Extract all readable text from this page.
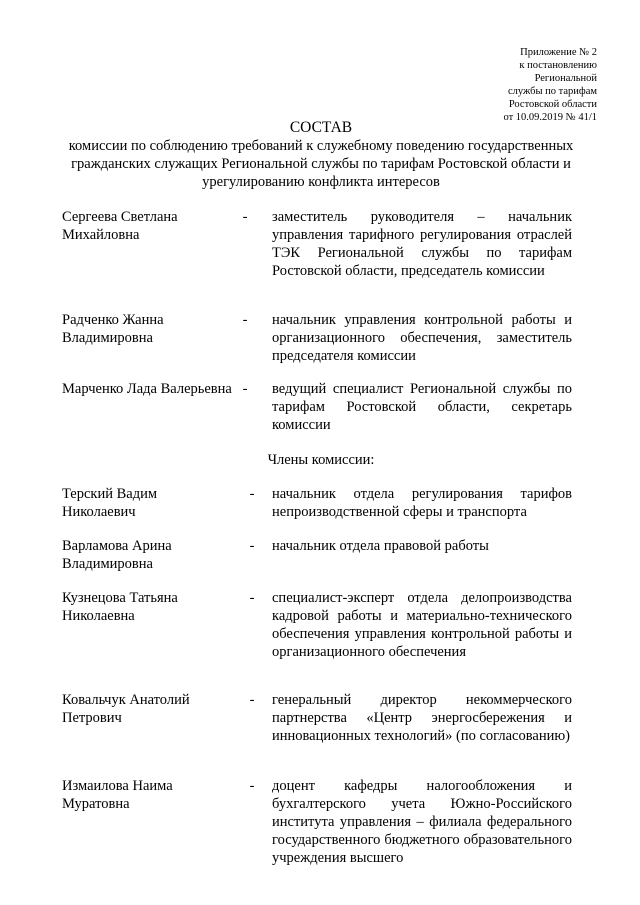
Приложение № 2
к постановлению
Региональной
службы по тарифам
Ростовской области
от 10.09.2019 № 41/1
СОСТАВ
комиссии по соблюдению требований к служебному поведению государственных гражданских служащих Региональной службы по тарифам Ростовской области и урегулированию конфликта интересов
Сергеева Светлана Михайловна
- заместитель руководителя – начальник управления тарифного регулирования отраслей ТЭК Региональной службы по тарифам Ростовской области, председатель комиссии
Радченко Жанна Владимировна
- начальник управления контрольной работы и организационного обеспечения, заместитель председателя комиссии
Марченко Лада Валерьевна - ведущий специалист Региональной службы по тарифам Ростовской области, секретарь комиссии
Члены комиссии:
Терский Вадим Николаевич
- начальник отдела регулирования тарифов непроизводственной сферы и транспорта
Варламова Арина Владимировна
- начальник отдела правовой работы
Кузнецова Татьяна Николаевна
- специалист-эксперт отдела делопроизводства кадровой работы и материально-технического обеспечения управления контрольной работы и организационного обеспечения
Ковальчук Анатолий Петрович
- генеральный директор некоммерческого партнерства «Центр энергосбережения и инновационных технологий» (по согласованию)
Измаилова Наима Муратовна
- доцент кафедры налогообложения и бухгалтерского учета Южно-Российского института управления – филиала федерального государственного бюджетного образовательного учреждения высшего
